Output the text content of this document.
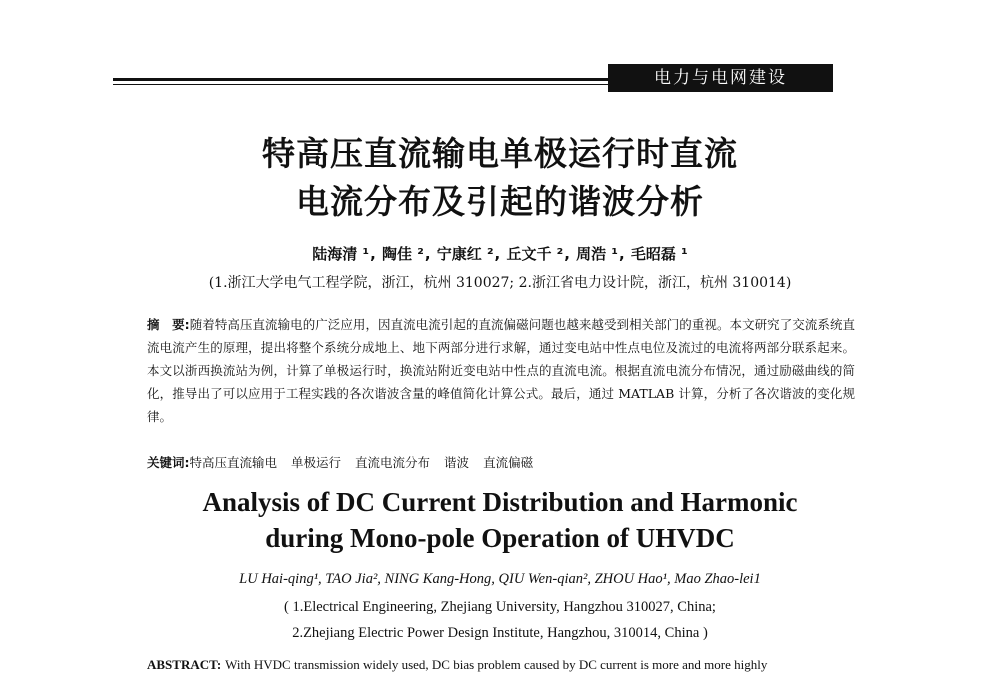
电力与电网建设
特高压直流输电单极运行时直流
电流分布及引起的谐波分析
陆海清 ¹, 陶佳 ², 宁康红 ², 丘文千 ², 周浩 ¹, 毛昭磊 ¹
(1.浙江大学电气工程学院，浙江，杭州 310027; 2.浙江省电力设计院，浙江，杭州 310014)
摘　要:随着特高压直流输电的广泛应用，因直流电流引起的直流偏磁问题也越来越受到相关部门的重视。本文研究了交流系统直流电流产生的原理，提出将整个系统分成地上、地下两部分进行求解，通过变电站中性点电位及流过的电流将两部分联系起来。本文以浙西换流站为例，计算了单极运行时，换流站附近变电站中性点的直流电流。根据直流电流分布情况，通过励磁曲线的简化，推导出了可以应用于工程实践的各次谐波含量的峰值简化计算公式。最后，通过 MATLAB 计算，分析了各次谐波的变化规律。
关键词:特高压直流输电 单极运行 直流电流分布 谐波 直流偏磁
Analysis of DC Current Distribution and Harmonic
during Mono-pole Operation of UHVDC
LU Hai-qing¹, TAO Jia², NING Kang-Hong, QIU Wen-qian², ZHOU Hao¹, Mao Zhao-lei1
( 1.Electrical Engineering, Zhejiang University, Hangzhou 310027, China;
2.Zhejiang Electric Power Design Institute, Hangzhou, 310014, China )
ABSTRACT: With HVDC transmission widely used, DC bias problem caused by DC current is more and more highly
